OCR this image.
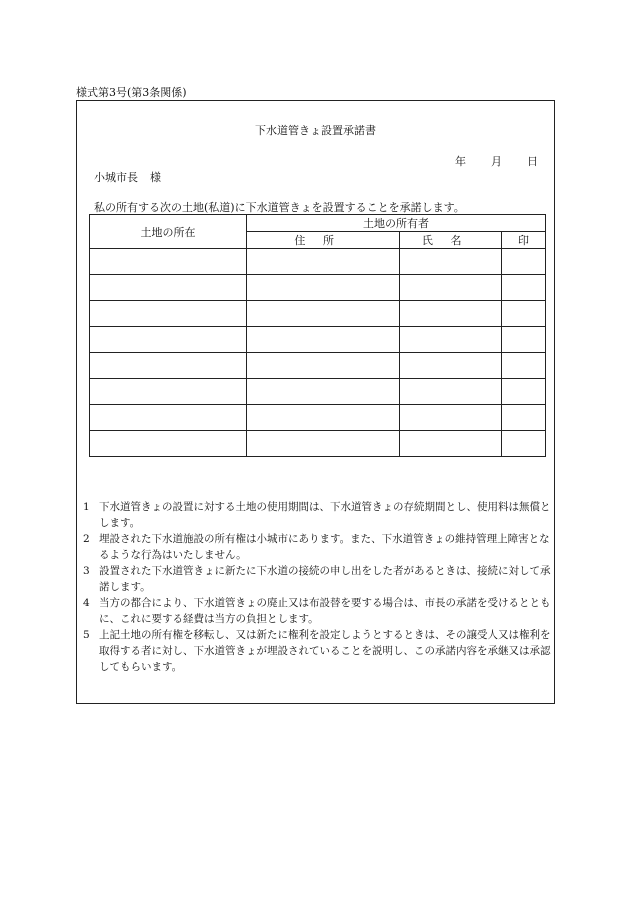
様式第3号(第3条関係)
下水道管きょ設置承諾書
年 月 日
小城市長 様
私の所有する次の土地(私道)に下水道管きょを設置することを承諾します。
土地の所在	土地の所有者		
	住所	氏名	印

1 下水道管きょの設置に対する土地の使用期間は、下水道管きょの存続期間とし、使用料は無償とします。
2 埋設された下水道施設の所有権は小城市にあります。また、下水道管きょの維持管理上障害となるような行為はいたしません。
3 設置された下水道管きょに新たに下水道の接続の申し出をした者があるときは、接続に対して承諾します。
4 当方の都合により、下水道管きょの廃止又は布設替を要する場合は、市長の承諾を受けるとともに、これに要する経費は当方の負担とします。
5 上記土地の所有権を移転し、又は新たに権利を設定しようとするときは、その譲受人又は権利を取得する者に対し、下水道管きょが埋設されていることを説明し、この承諾内容を承継又は承認してもらいます。
